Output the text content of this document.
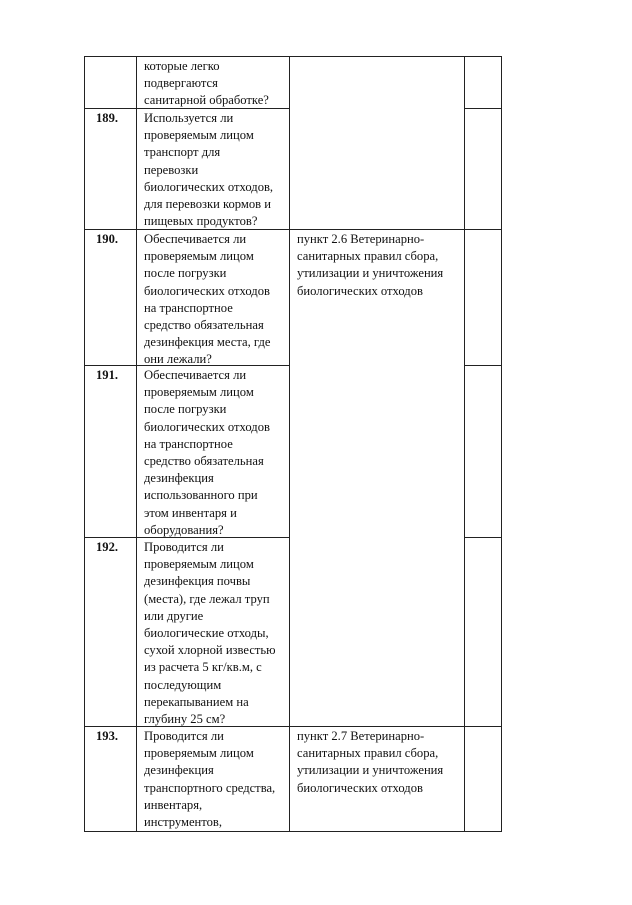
которые легко
подвергаются
санитарной обработке?

189. Используется ли
проверяемым лицом
транспорт для
перевозки
биологических отходов,
для перевозки кормов и
пищевых продуктов?

190. Обеспечивается ли
проверяемым лицом
после погрузки
биологических отходов
на транспортное
средство обязательная
дезинфекция места, где
они лежали?

пункт 2.6 Ветеринарно-
санитарных правил сбора,
утилизации и уничтожения
биологических отходов

191. Обеспечивается ли
проверяемым лицом
после погрузки
биологических отходов
на транспортное
средство обязательная
дезинфекция
использованного при
этом инвентаря и
оборудования?

192. Проводится ли
проверяемым лицом
дезинфекция почвы
(места), где лежал труп
или другие
биологические отходы,
сухой хлорной известью
из расчета 5 кг/кв.м, с
последующим
перекапыванием на
глубину 25 см?

193. Проводится ли
проверяемым лицом
дезинфекция
транспортного средства,
инвентаря,
инструментов,

пункт 2.7 Ветеринарно-
санитарных правил сбора,
утилизации и уничтожения
биологических отходов
